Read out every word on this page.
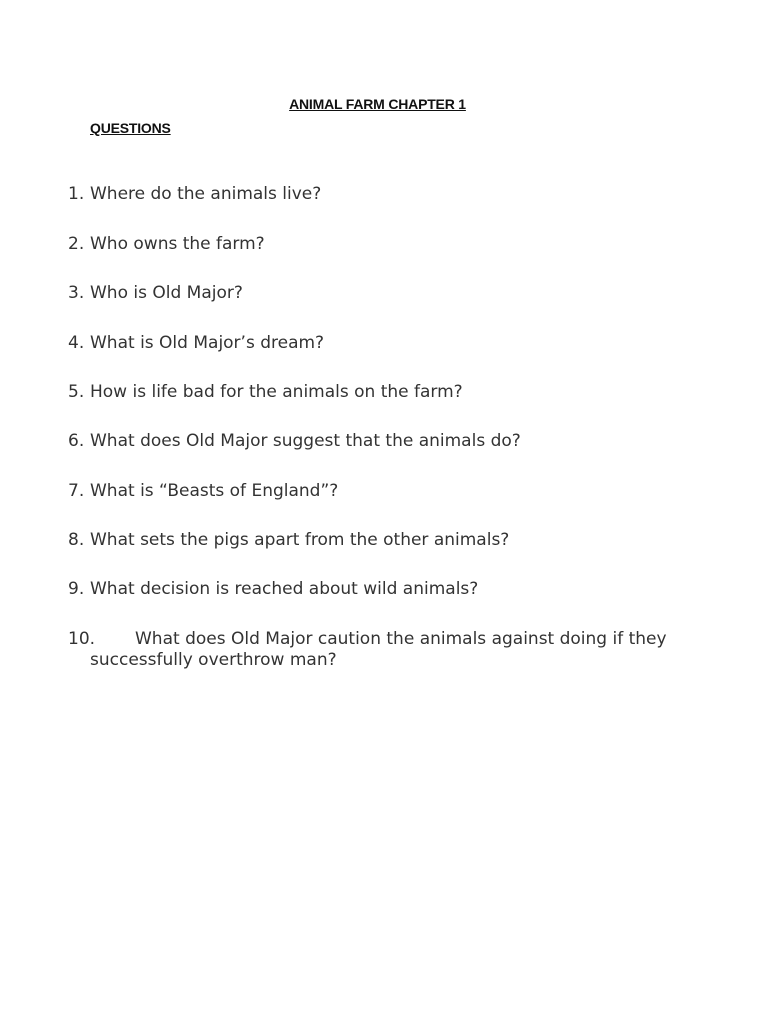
ANIMAL FARM CHAPTER 1
QUESTIONS
1. Where do the animals live?
2. Who owns the farm?
3. Who is Old Major?
4. What is Old Major’s dream?
5. How is life bad for the animals on the farm?
6. What does Old Major suggest that the animals do?
7. What is “Beasts of England”?
8. What sets the pigs apart from the other animals?
9. What decision is reached about wild animals?
10.	What does Old Major caution the animals against doing if they successfully overthrow man?
